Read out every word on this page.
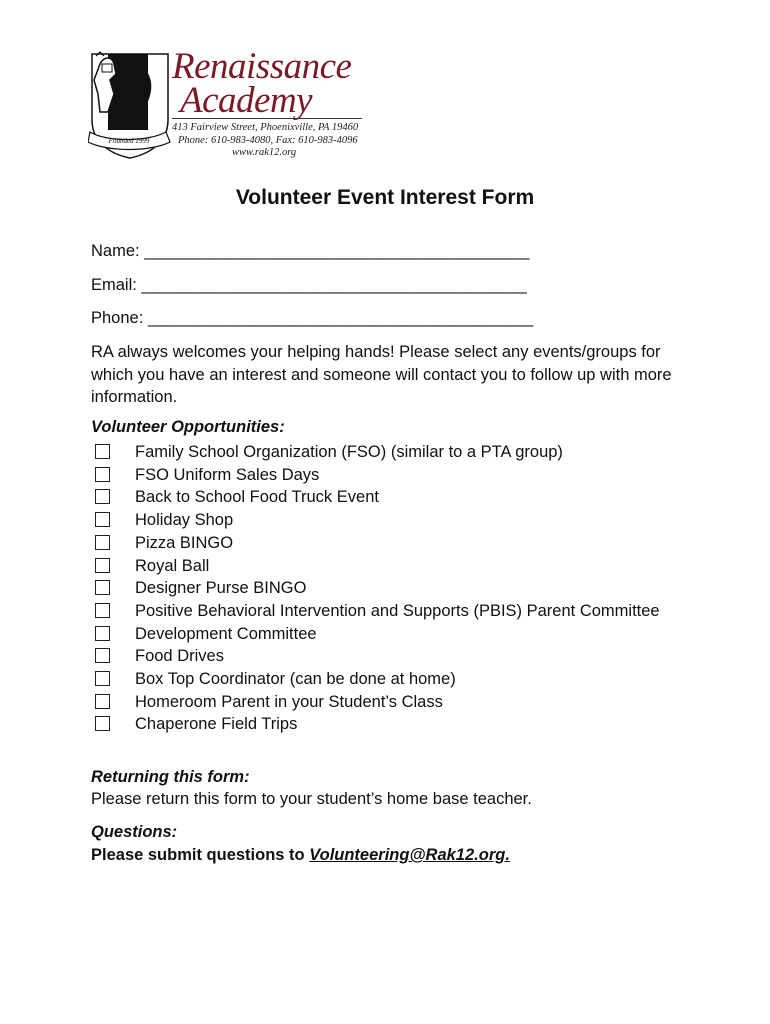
Founded 1999
Renaissance
Academy
413 Fairview Street, Phoenixville, PA 19460
Phone: 610-983-4080, Fax: 610-983-4096
www.rak12.org
Volunteer Event Interest Form
Name: __________________________________________
Email: __________________________________________
Phone: __________________________________________

RA always welcomes your helping hands! Please select any events/groups for which you have an interest and someone will contact you to follow up with more information.

Volunteer Opportunities:
Family School Organization (FSO) (similar to a PTA group)
FSO Uniform Sales Days
Back to School Food Truck Event
Holiday Shop
Pizza BINGO
Royal Ball
Designer Purse BINGO
Positive Behavioral Intervention and Supports (PBIS) Parent Committee
Development Committee
Food Drives
Box Top Coordinator (can be done at home)
Homeroom Parent in your Student’s Class
Chaperone Field Trips
Returning this form:

Please return this form to your student’s home base teacher.

Questions:

Please submit questions to Volunteering@Rak12.org.
